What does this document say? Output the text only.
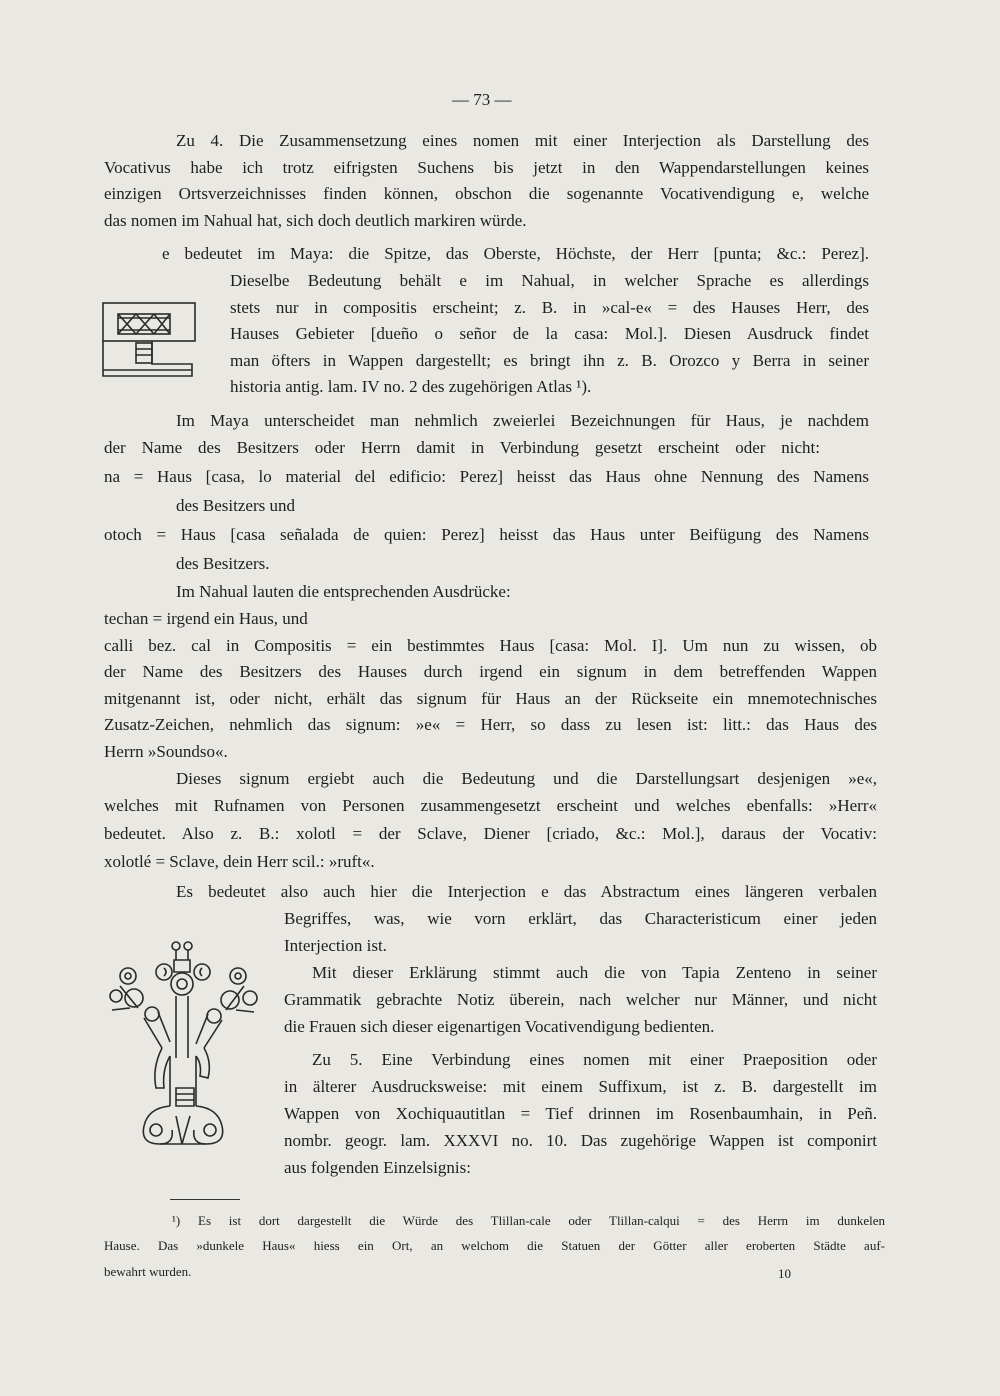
— 73 —
Zu 4. Die Zusammensetzung eines nomen mit einer Interjection als Darstellung des
Vocativus habe ich trotz eifrigsten Suchens bis jetzt in den Wappendarstellungen keines
einzigen Ortsverzeichnisses finden können, obschon die sogenannte Vocativendigung e, welche
das nomen im Nahual hat, sich doch deutlich markiren würde.
e bedeutet im Maya: die Spitze, das Oberste, Höchste, der Herr [punta; &c.: Perez].
Dieselbe Bedeutung behält e im Nahual, in welcher Sprache es allerdings
stets nur in compositis erscheint; z. B. in »cal-e« = des Hauses Herr, des
Hauses Gebieter [dueño o señor de la casa: Mol.]. Diesen Ausdruck findet
man öfters in Wappen dargestellt; es bringt ihn z. B. Orozco y Berra in seiner
historia antig. lam. IV no. 2 des zugehörigen Atlas ¹).
Im Maya unterscheidet man nehmlich zweierlei Bezeichnungen für Haus, je nachdem
der Name des Besitzers oder Herrn damit in Verbindung gesetzt erscheint oder nicht:
na = Haus [casa, lo material del edificio: Perez] heisst das Haus ohne Nennung des Namens
des Besitzers und
otoch = Haus [casa señalada de quien: Perez] heisst das Haus unter Beifügung des Namens
des Besitzers.
Im Nahual lauten die entsprechenden Ausdrücke:
techan = irgend ein Haus, und
calli bez. cal in Compositis = ein bestimmtes Haus [casa: Mol. I]. Um nun zu wissen, ob
der Name des Besitzers des Hauses durch irgend ein signum in dem betreffenden Wappen
mitgenannt ist, oder nicht, erhält das signum für Haus an der Rückseite ein mnemotechnisches
Zusatz-Zeichen, nehmlich das signum: »e« = Herr, so dass zu lesen ist: litt.: das Haus des
Herrn »Soundso«.
Dieses signum ergiebt auch die Bedeutung und die Darstellungsart desjenigen »e«,
welches mit Rufnamen von Personen zusammengesetzt erscheint und welches ebenfalls: »Herr«
bedeutet. Also z. B.: xolotl = der Sclave, Diener [criado, &c.: Mol.], daraus der Vocativ:
xolotlé = Sclave, dein Herr scil.: »ruft«.
Es bedeutet also auch hier die Interjection e das Abstractum eines längeren verbalen
Begriffes, was, wie vorn erklärt, das Characteristicum einer jeden
Interjection ist.
Mit dieser Erklärung stimmt auch die von Tapia Zenteno in seiner
Grammatik gebrachte Notiz überein, nach welcher nur Männer, und nicht
die Frauen sich dieser eigenartigen Vocativendigung bedienten.
Zu 5. Eine Verbindung eines nomen mit einer Praeposition oder
in älterer Ausdrucksweise: mit einem Suffixum, ist z. B. dargestellt im
Wappen von Xochiquautitlan = Tief drinnen im Rosenbaumhain, in Peñ.
nombr. geogr. lam. XXXVI no. 10. Das zugehörige Wappen ist componirt
aus folgenden Einzelsignis:
¹) Es ist dort dargestellt die Würde des Tlillan-cale oder Tlillan-calqui = des Herrn im dunkelen
Hause. Das »dunkele Haus« hiess ein Ort, an welchom die Statuen der Götter aller eroberten Städte auf-
bewahrt wurden.	10
